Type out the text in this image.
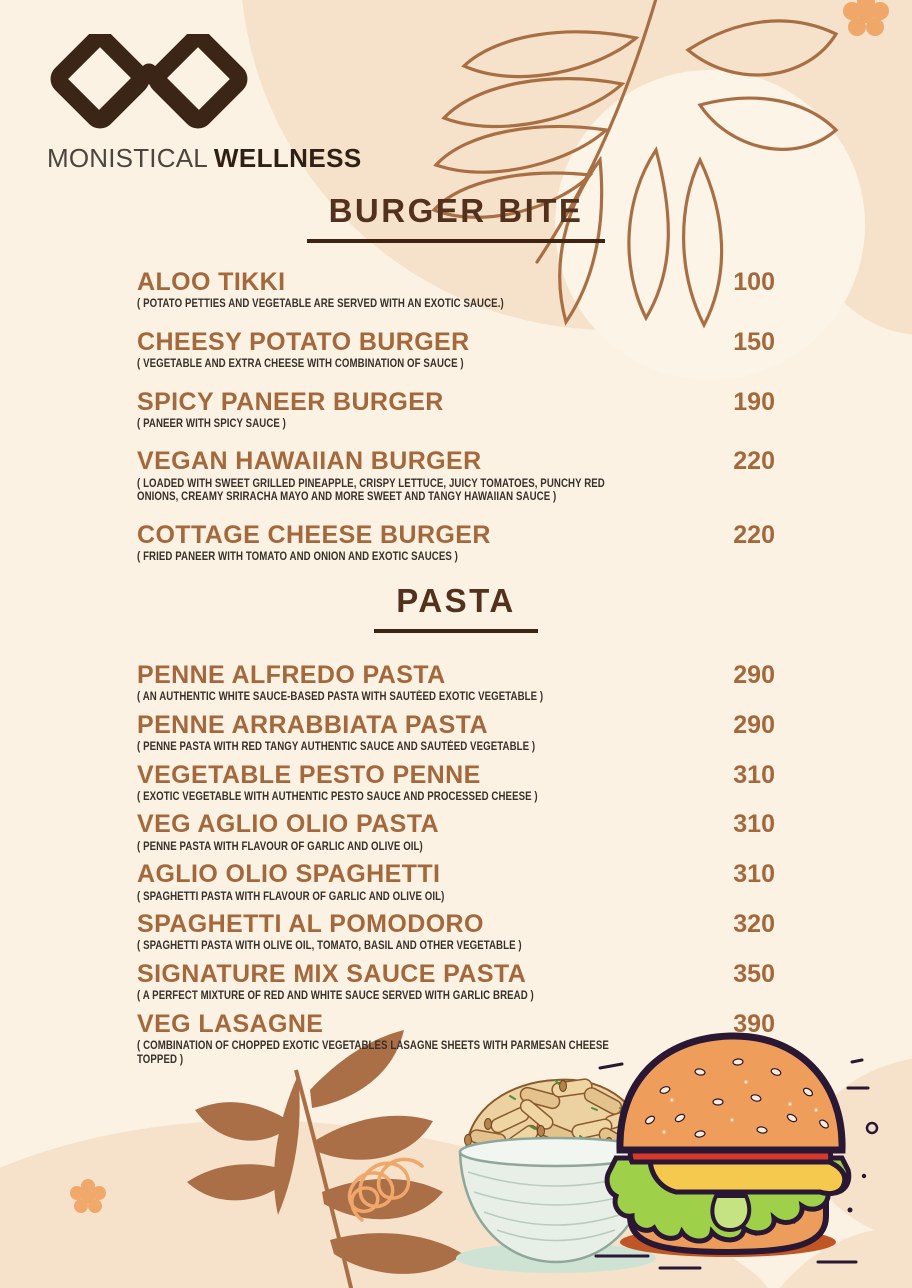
MONISTICAL WELLNESS
BURGER BITE
ALOO TIKKI
( POTATO PETTIES AND VEGETABLE ARE SERVED WITH AN EXOTIC SAUCE.)
100
CHEESY POTATO BURGER
( VEGETABLE AND EXTRA CHEESE WITH COMBINATION OF SAUCE )
150
SPICY PANEER BURGER
( PANEER WITH SPICY SAUCE )
190
VEGAN HAWAIIAN BURGER
( LOADED WITH SWEET GRILLED PINEAPPLE, CRISPY LETTUCE, JUICY TOMATOES, PUNCHY RED ONIONS, CREAMY SRIRACHA MAYO AND MORE SWEET AND TANGY HAWAIIAN SAUCE )
220
COTTAGE CHEESE BURGER
( FRIED PANEER WITH TOMATO AND ONION AND EXOTIC SAUCES )
220
PASTA
PENNE ALFREDO PASTA
( AN AUTHENTIC WHITE SAUCE-BASED PASTA WITH SAUTÉED EXOTIC VEGETABLE )
290
PENNE ARRABBIATA PASTA
( PENNE PASTA WITH RED TANGY AUTHENTIC SAUCE AND SAUTÉED VEGETABLE )
290
VEGETABLE PESTO PENNE
( EXOTIC VEGETABLE WITH AUTHENTIC PESTO SAUCE AND PROCESSED CHEESE )
310
VEG AGLIO OLIO PASTA
( PENNE PASTA WITH FLAVOUR OF GARLIC AND OLIVE OIL)
310
AGLIO OLIO SPAGHETTI
( SPAGHETTI PASTA WITH FLAVOUR OF GARLIC AND OLIVE OIL)
310
SPAGHETTI AL POMODORO
( SPAGHETTI PASTA WITH OLIVE OIL, TOMATO, BASIL AND OTHER VEGETABLE )
320
SIGNATURE MIX SAUCE PASTA
( A PERFECT MIXTURE OF RED AND WHITE SAUCE SERVED WITH GARLIC BREAD )
350
VEG LASAGNE
( COMBINATION OF CHOPPED EXOTIC VEGETABLES LASAGNE SHEETS WITH PARMESAN CHEESE TOPPED )
390
